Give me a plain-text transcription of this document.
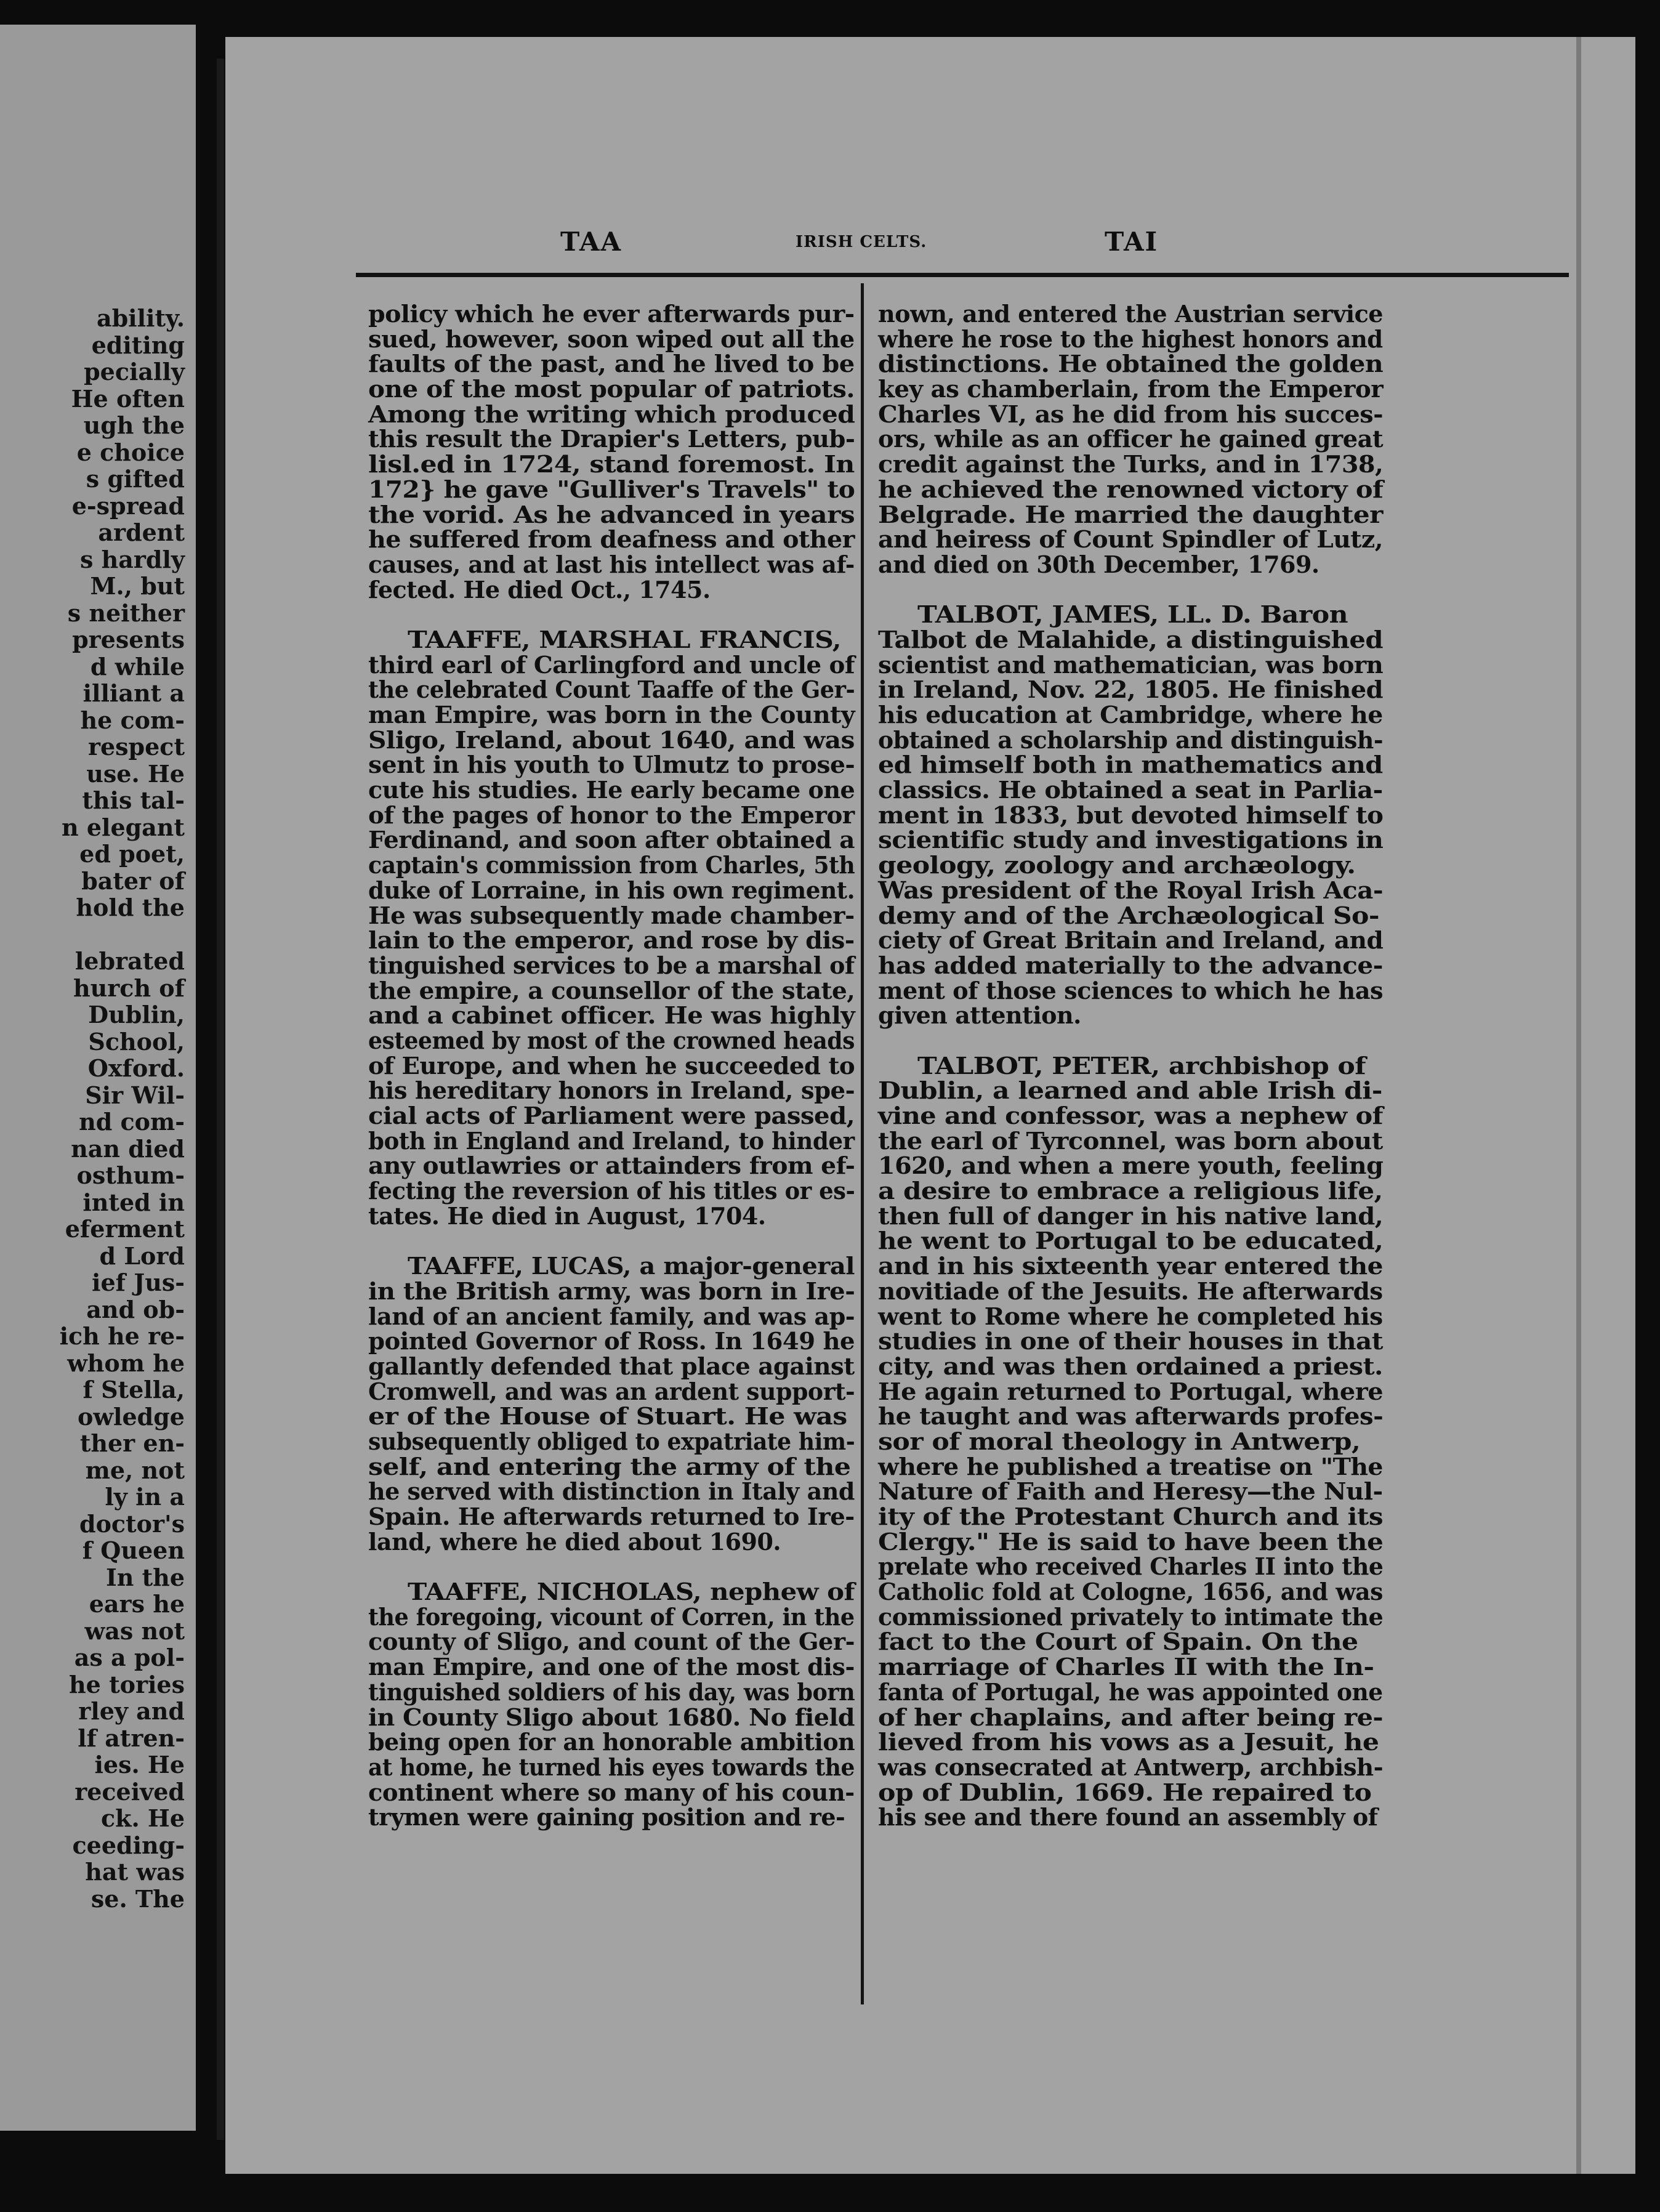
ability.
editing
pecially
He often
ugh the
e choice
s gifted
e-spread
ardent
s hardly
M., but
s neither
presents
d while
illiant a
he com-
respect
use. He
this tal-
n elegant
ed poet,
bater of
hold the
lebrated
hurch of
Dublin,
School,
Oxford.
Sir Wil-
nd com-
nan died
osthum-
inted in
eferment
d Lord
ief Jus-
and ob-
ich he re-
whom he
f Stella,
owledge
ther en-
me, not
ly in a
doctor's
f Queen
In the
ears he
was not
as a pol-
he tories
rley and
lf atren-
ies. He
received
ck. He
ceeding-
hat was
se. The
TAA	IRISH CELTS.	TAI
policy which he ever afterwards pur-
sued, however, soon wiped out all the
faults of the past, and he lived to be
one of the most popular of patriots.
Among the writing which produced
this result the Drapier's Letters, pub-
lisl.ed in 1724, stand foremost. In
172} he gave "Gulliver's Travels" to
the vorid. As he advanced in years
he suffered from deafness and other
causes, and at last his intellect was af-
fected. He died Oct., 1745.
TAAFFE, MARSHAL FRANCIS,
third earl of Carlingford and uncle of
the celebrated Count Taaffe of the Ger-
man Empire, was born in the County
Sligo, Ireland, about 1640, and was
sent in his youth to Ulmutz to prose-
cute his studies. He early became one
of the pages of honor to the Emperor
Ferdinand, and soon after obtained a
captain's commission from Charles, 5th
duke of Lorraine, in his own regiment.
He was subsequently made chamber-
lain to the emperor, and rose by dis-
tinguished services to be a marshal of
the empire, a counsellor of the state,
and a cabinet officer. He was highly
esteemed by most of the crowned heads
of Europe, and when he succeeded to
his hereditary honors in Ireland, spe-
cial acts of Parliament were passed,
both in England and Ireland, to hinder
any outlawries or attainders from ef-
fecting the reversion of his titles or es-
tates. He died in August, 1704.
TAAFFE, LUCAS, a major-general
in the British army, was born in Ire-
land of an ancient family, and was ap-
pointed Governor of Ross. In 1649 he
gallantly defended that place against
Cromwell, and was an ardent support-
er of the House of Stuart. He was
subsequently obliged to expatriate him-
self, and entering the army of the
he served with distinction in Italy and
Spain. He afterwards returned to Ire-
land, where he died about 1690.
TAAFFE, NICHOLAS, nephew of
the foregoing, vicount of Corren, in the
county of Sligo, and count of the Ger-
man Empire, and one of the most dis-
tinguished soldiers of his day, was born
in County Sligo about 1680. No field
being open for an honorable ambition
at home, he turned his eyes towards the
continent where so many of his coun-
trymen were gaining position and re-
nown, and entered the Austrian service
where he rose to the highest honors and
distinctions. He obtained the golden
key as chamberlain, from the Emperor
Charles VI, as he did from his succes-
ors, while as an officer he gained great
credit against the Turks, and in 1738,
he achieved the renowned victory of
Belgrade. He married the daughter
and heiress of Count Spindler of Lutz,
and died on 30th December, 1769.
TALBOT, JAMES, LL. D. Baron
Talbot de Malahide, a distinguished
scientist and mathematician, was born
in Ireland, Nov. 22, 1805. He finished
his education at Cambridge, where he
obtained a scholarship and distinguish-
ed himself both in mathematics and
classics. He obtained a seat in Parlia-
ment in 1833, but devoted himself to
scientific study and investigations in
geology, zoology and archæology.
Was president of the Royal Irish Aca-
demy and of the Archæological So-
ciety of Great Britain and Ireland, and
has added materially to the advance-
ment of those sciences to which he has
given attention.
TALBOT, PETER, archbishop of
Dublin, a learned and able Irish di-
vine and confessor, was a nephew of
the earl of Tyrconnel, was born about
1620, and when a mere youth, feeling
a desire to embrace a religious life,
then full of danger in his native land,
he went to Portugal to be educated,
and in his sixteenth year entered the
novitiade of the Jesuits. He afterwards
went to Rome where he completed his
studies in one of their houses in that
city, and was then ordained a priest.
He again returned to Portugal, where
he taught and was afterwards profes-
sor of moral theology in Antwerp,
where he published a treatise on "The
Nature of Faith and Heresy—the Nul-
ity of the Protestant Church and its
Clergy." He is said to have been the
prelate who received Charles II into the
Catholic fold at Cologne, 1656, and was
commissioned privately to intimate the
fact to the Court of Spain. On the
marriage of Charles II with the In-
fanta of Portugal, he was appointed one
of her chaplains, and after being re-
lieved from his vows as a Jesuit, he
was consecrated at Antwerp, archbish-
op of Dublin, 1669. He repaired to
his see and there found an assembly of
